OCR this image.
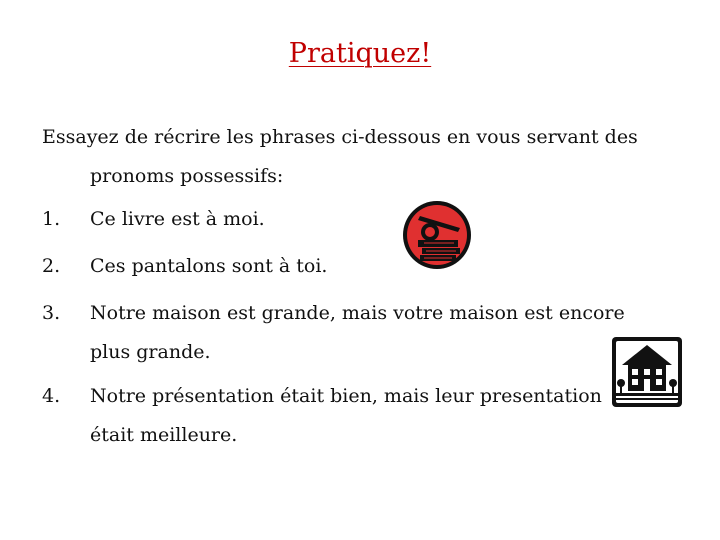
Pratiquez!
Essayez de récrire les phrases ci-dessous en vous servant des
pronoms possessifs:
1.	Ce livre est à moi.
2.	Ces pantalons sont à toi.
3.	Notre maison est grande, mais votre maison est encore plus grande.
4.	Notre présentation était bien, mais leur presentation était meilleure.
